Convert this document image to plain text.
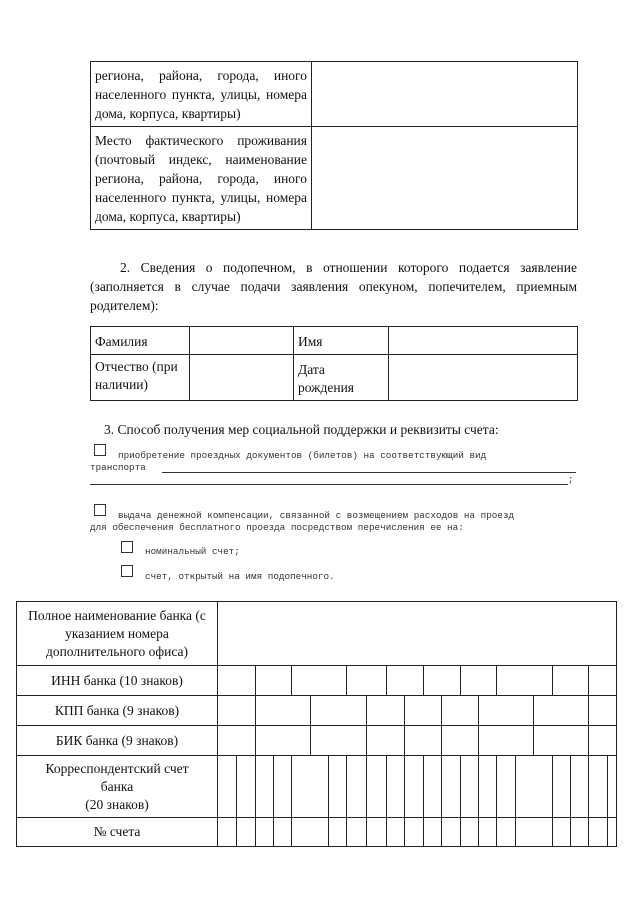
региона, района, города, иного населенного пункта, улицы, номера дома, корпуса, квартиры)	
Место фактического проживания (почтовый индекс, наименование региона, района, города, иного населенного пункта, улицы, номера дома, корпуса, квартиры)	
2. Сведения о подопечном, в отношении которого подается заявление (заполняется в случае подачи заявления опекуном, попечителем, приемным родителем):
Фамилия		Имя	
Отчество (при наличии)		Дата рождения	
3. Способ получения мер социальной поддержки и реквизиты счета:
приобретение проездных документов (билетов) на соответствующий вид
транспорта
;
выдача денежной компенсации, связанной с возмещением расходов на проезд
для обеспечения бесплатного проезда посредством перечисления ее на:
номинальный счет;
счет, открытый на имя подопечного.
Полное наименование банка (с указанием номера дополнительного офиса)	
ИНН банка (10 знаков)	

КПП банка (9 знаков)	

БИК банка (9 знаков)	

Корреспондентский счет
банка
(20 знаков)	

№ счета	
